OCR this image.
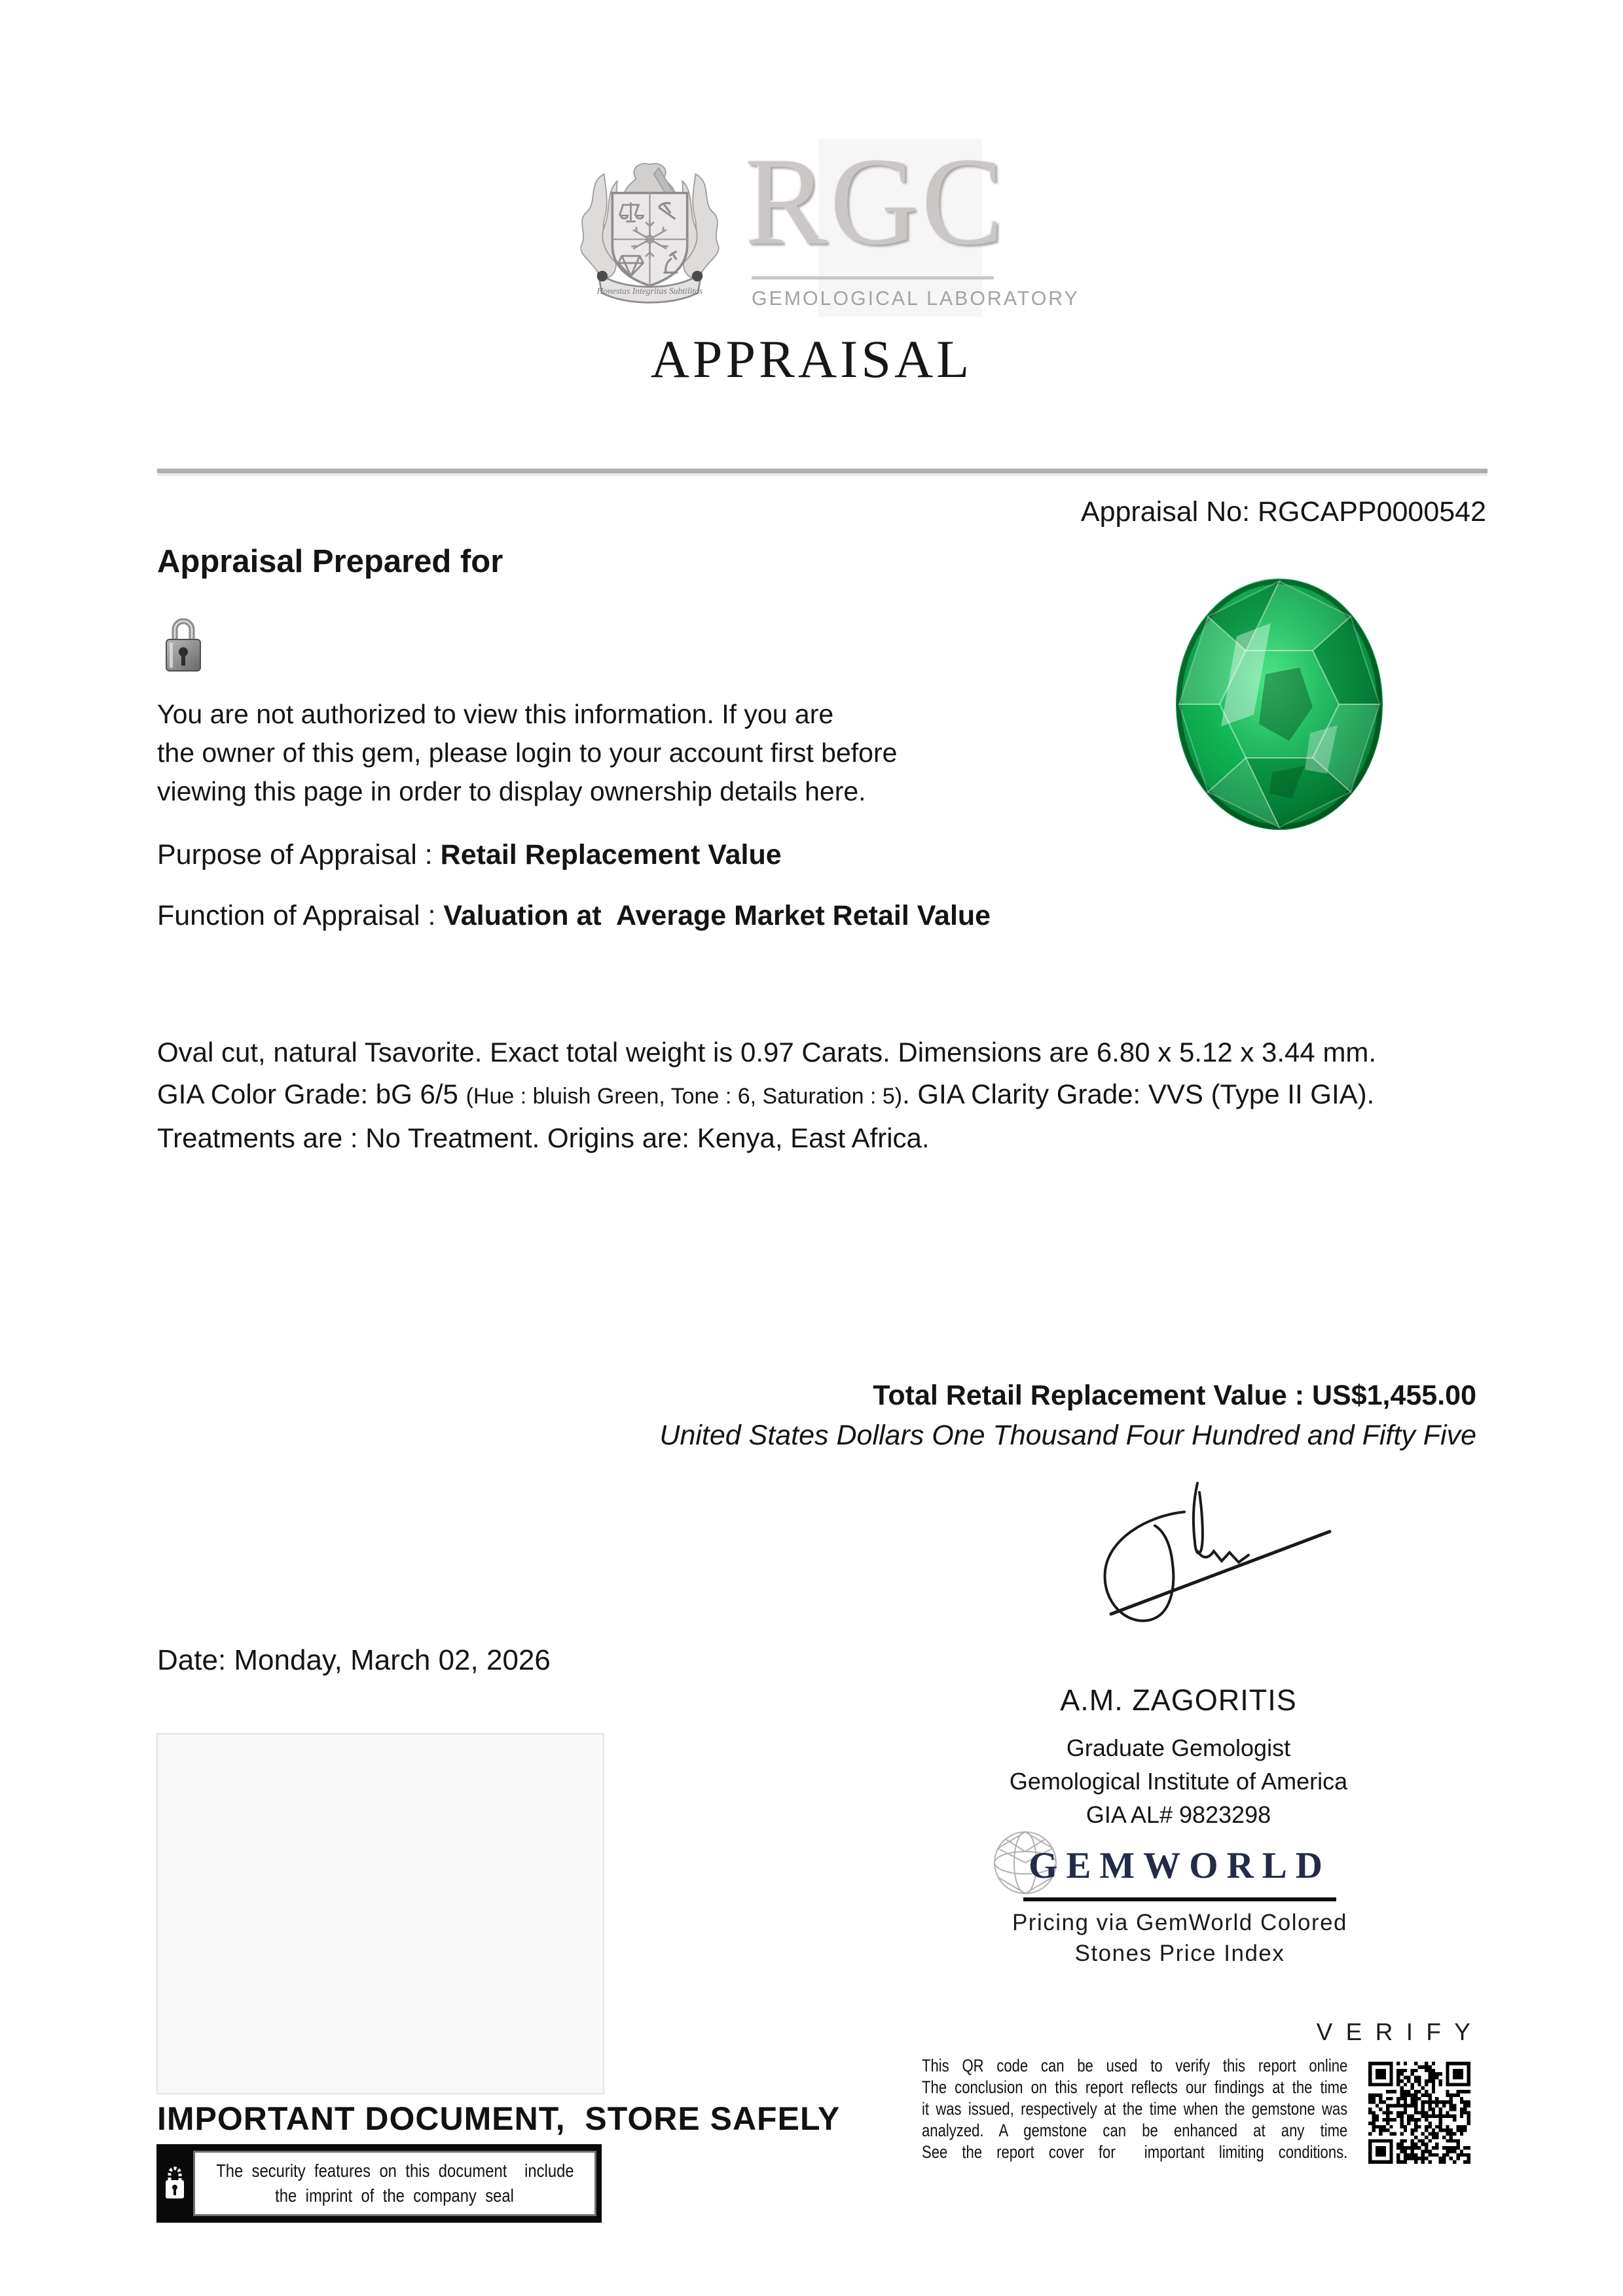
Honestas Integritas Subtilitas
RGC
GEMOLOGICAL LABORATORY
APPRAISAL
Appraisal No: RGCAPP0000542
Appraisal Prepared for
You are not authorized to view this information. If you are
the owner of this gem, please login to your account first before
viewing this page in order to display ownership details here.
Purpose of Appraisal : Retail Replacement Value
Function of Appraisal : Valuation at  Average Market Retail Value
Oval cut, natural Tsavorite. Exact total weight is 0.97 Carats. Dimensions are 6.80 x 5.12 x 3.44 mm.
GIA Color Grade: bG 6/5 (Hue : bluish Green, Tone : 6, Saturation : 5). GIA Clarity Grade: VVS (Type II GIA).
Treatments are : No Treatment. Origins are: Kenya, East Africa.
Total Retail Replacement Value : US$1,455.00
United States Dollars One Thousand Four Hundred and Fifty Five
Date: Monday, March 02, 2026
A.M. ZAGORITIS
Graduate Gemologist
Gemological Institute of America
GIA AL# 9823298
GEMWORLD
Pricing via GemWorld Colored
Stones Price Index
VERIFY
This QR code can be used to verify this report online
The conclusion on this report reflects our findings at the time
it was issued, respectively at the time when the gemstone was
analyzed. A gemstone can be enhanced at any time
See the report cover for  important limiting conditions.
IMPORTANT DOCUMENT,  STORE SAFELY
The security features on this document  include
the imprint of the company seal
